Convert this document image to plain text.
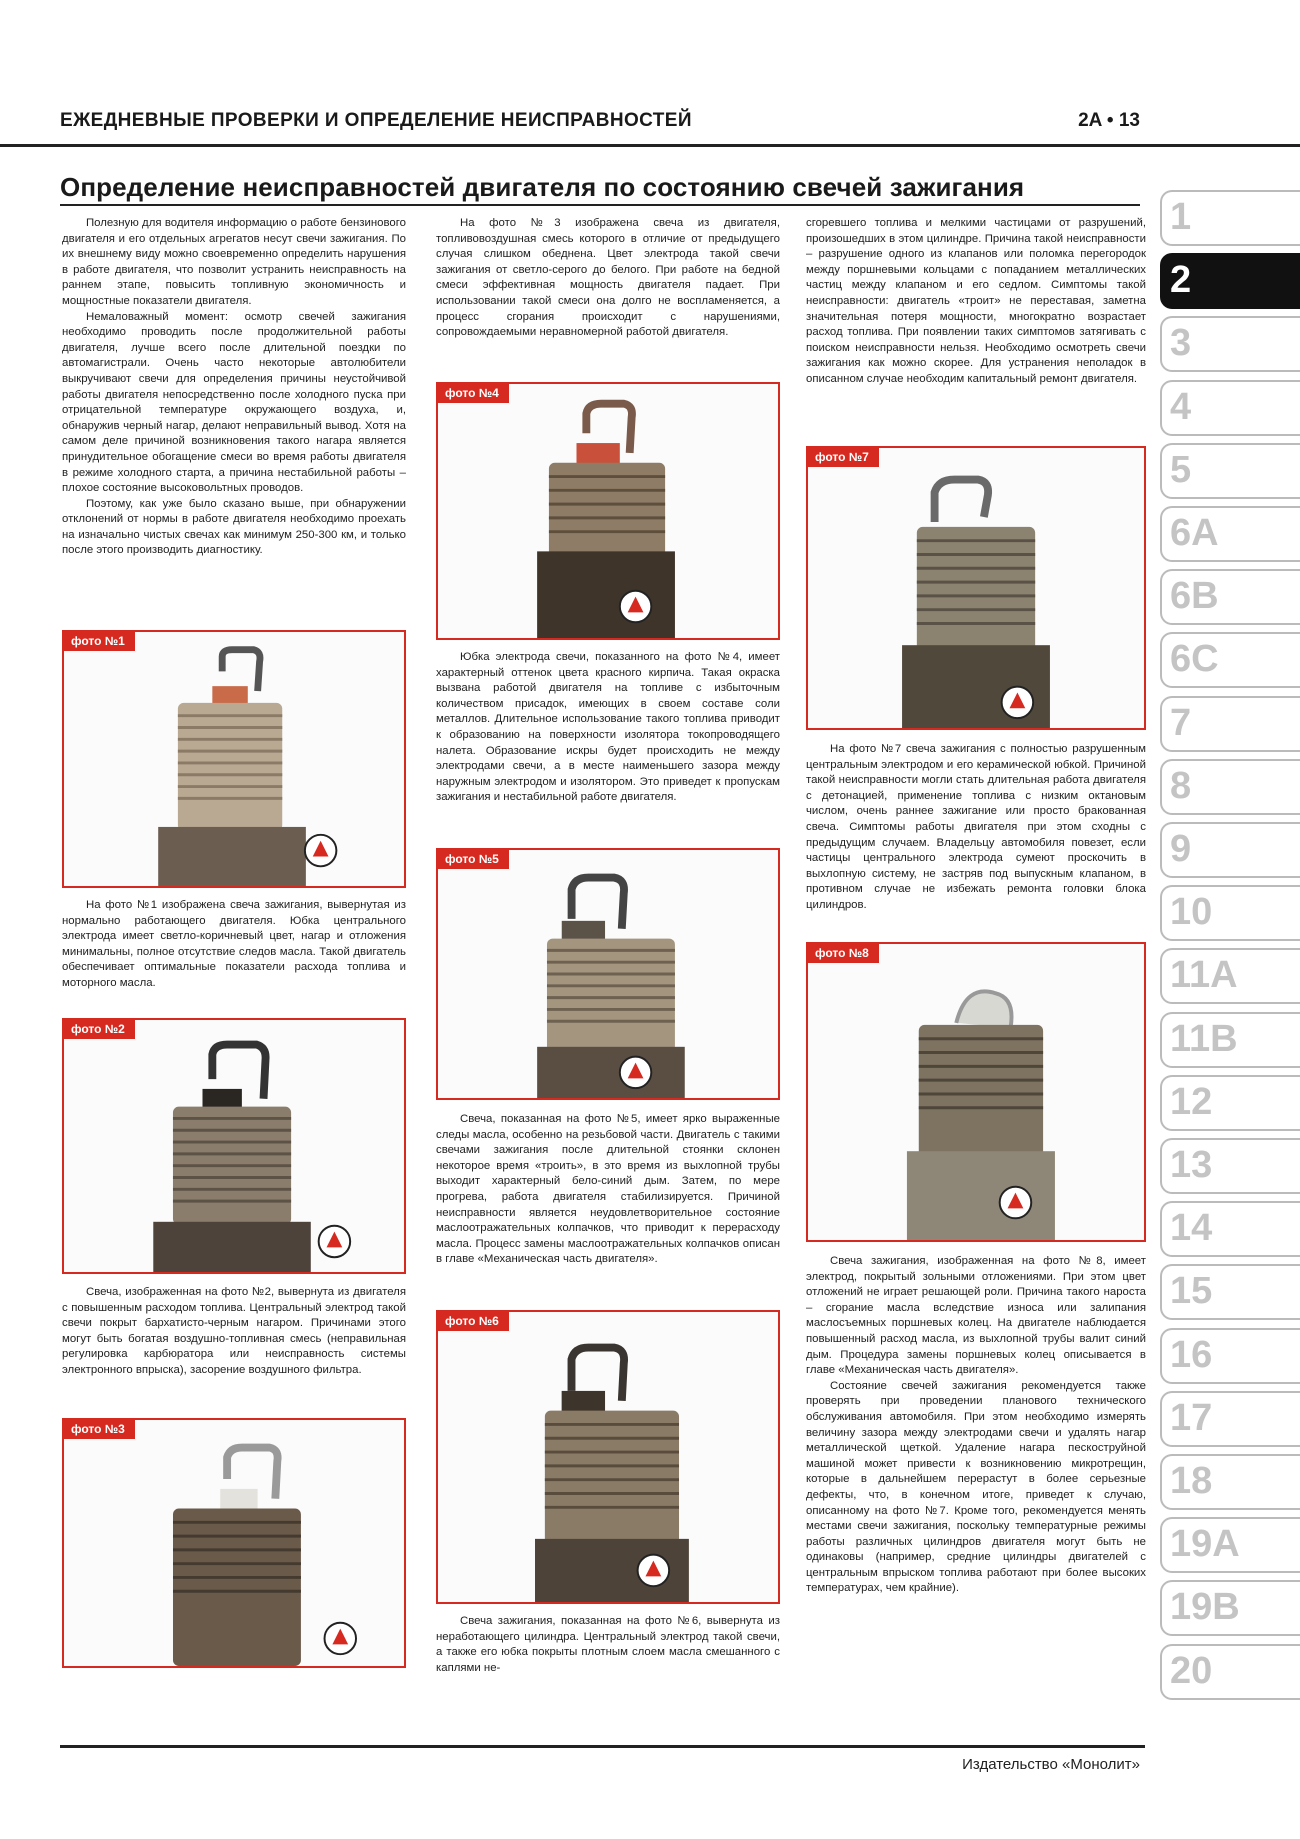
ЕЖЕДНЕВНЫЕ ПРОВЕРКИ И ОПРЕДЕЛЕНИЕ НЕИСПРАВНОСТЕЙ	2A • 13
Определение неисправностей двигателя по состоянию свечей зажигания

Полезную для водителя информацию о работе бензинового двигателя и его отдельных агрегатов несут свечи зажигания. По их внешнему виду можно своевременно определить нарушения в работе двигателя, что позволит устранить неисправность на раннем этапе, повысить топливную экономичность и мощностные показатели двигателя.

Немаловажный момент: осмотр свечей зажигания необходимо проводить после продолжительной работы двигателя, лучше всего после длительной поездки по автомагистрали. Очень часто некоторые автолюбители выкручивают свечи для определения причины неустойчивой работы двигателя непосредственно после холодного пуска при отрицательной температуре окружающего воздуха, и, обнаружив черный нагар, делают неправильный вывод. Хотя на самом деле причиной возникновения такого нагара является принудительное обогащение смеси во время работы двигателя в режиме холодного старта, а причина нестабильной работы – плохое состояние высоковольтных проводов.

Поэтому, как уже было сказано выше, при обнаружении отклонений от нормы в работе двигателя необходимо проехать на изначально чистых свечах как минимум 250-300 км, и только после этого производить диагностику.

фото №1

На фото №1 изображена свеча зажигания, вывернутая из нормально работающего двигателя. Юбка центрального электрода имеет светло-коричневый цвет, нагар и отложения минимальны, полное отсутствие следов масла. Такой двигатель обеспечивает оптимальные показатели расхода топлива и моторного масла.

фото №2

Свеча, изображенная на фото №2, вывернута из двигателя с повышенным расходом топлива. Центральный электрод такой свечи покрыт бархатисто-черным нагаром. Причинами этого могут быть богатая воздушно-топливная смесь (неправильная регулировка карбюратора или неисправность системы электронного впрыска), засорение воздушного фильтра.

фото №3

На фото №3 изображена свеча из двигателя, топливовоздушная смесь которого в отличие от предыдущего случая слишком обеднена. Цвет электрода такой свечи зажигания от светло-серого до белого. При работе на бедной смеси эффективная мощность двигателя падает. При использовании такой смеси она долго не воспламеняется, а процесс сгорания происходит с нарушениями, сопровождаемыми неравномерной работой двигателя.

фото №4

Юбка электрода свечи, показанного на фото №4, имеет характерный оттенок цвета красного кирпича. Такая окраска вызвана работой двигателя на топливе с избыточным количеством присадок, имеющих в своем составе соли металлов. Длительное использование такого топлива приводит к образованию на поверхности изолятора токопроводящего налета. Образование искры будет происходить не между электродами свечи, а в месте наименьшего зазора между наружным электродом и изолятором. Это приведет к пропускам зажигания и нестабильной работе двигателя.

фото №5

Свеча, показанная на фото №5, имеет ярко выраженные следы масла, особенно на резьбовой части. Двигатель с такими свечами зажигания после длительной стоянки склонен некоторое время «троить», в это время из выхлопной трубы выходит характерный бело-синий дым. Затем, по мере прогрева, работа двигателя стабилизируется. Причиной неисправности является неудовлетворительное состояние маслоотражательных колпачков, что приводит к перерасходу масла. Процесс замены маслоотражательных колпачков описан в главе «Механическая часть двигателя».

фото №6

Свеча зажигания, показанная на фото №6, вывернута из неработающего цилиндра. Центральный электрод такой свечи, а также его юбка покрыты плотным слоем масла смешанного с каплями не-

сгоревшего топлива и мелкими частицами от разрушений, произошедших в этом цилиндре. Причина такой неисправности – разрушение одного из клапанов или поломка перегородок между поршневыми кольцами с попаданием металлических частиц между клапаном и его седлом. Симптомы такой неисправности: двигатель «троит» не переставая, заметна значительная потеря мощности, многократно возрастает расход топлива. При появлении таких симптомов затягивать с поиском неисправности нельзя. Необходимо осмотреть свечи зажигания как можно скорее. Для устранения неполадок в описанном случае необходим капитальный ремонт двигателя.

фото №7

На фото №7 свеча зажигания с полностью разрушенным центральным электродом и его керамической юбкой. Причиной такой неисправности могли стать длительная работа двигателя с детонацией, применение топлива с низким октановым числом, очень раннее зажигание или просто бракованная свеча. Симптомы работы двигателя при этом сходны с предыдущим случаем. Владельцу автомобиля повезет, если частицы центрального электрода сумеют проскочить в выхлопную систему, не застряв под выпускным клапаном, в противном случае не избежать ремонта головки блока цилиндров.

фото №8

Свеча зажигания, изображенная на фото №8, имеет электрод, покрытый зольными отложениями. При этом цвет отложений не играет решающей роли. Причина такого нароста – сгорание масла вследствие износа или залипания маслосъемных поршневых колец. На двигателе наблюдается повышенный расход масла, из выхлопной трубы валит синий дым. Процедура замены поршневых колец описывается в главе «Механическая часть двигателя».

Состояние свечей зажигания рекомендуется также проверять при проведении планового технического обслуживания автомобиля. При этом необходимо измерять величину зазора между электродами свечи и удалять нагар металлической щеткой. Удаление нагара пескоструйной машиной может привести к возникновению микротрещин, которые в дальнейшем перерастут в более серьезные дефекты, что, в конечном итоге, приведет к случаю, описанному на фото №7. Кроме того, рекомендуется менять местами свечи зажигания, поскольку температурные режимы работы различных цилиндров двигателя могут быть не одинаковы (например, средние цилиндры двигателей с центральным впрыском топлива работают при более высоких температурах, чем крайние).

1
2
3
4
5
6A
6B
6C
7
8
9
10
11A
11B
12
13
14
15
16
17
18
19A
19B
20
Издательство «Монолит»
